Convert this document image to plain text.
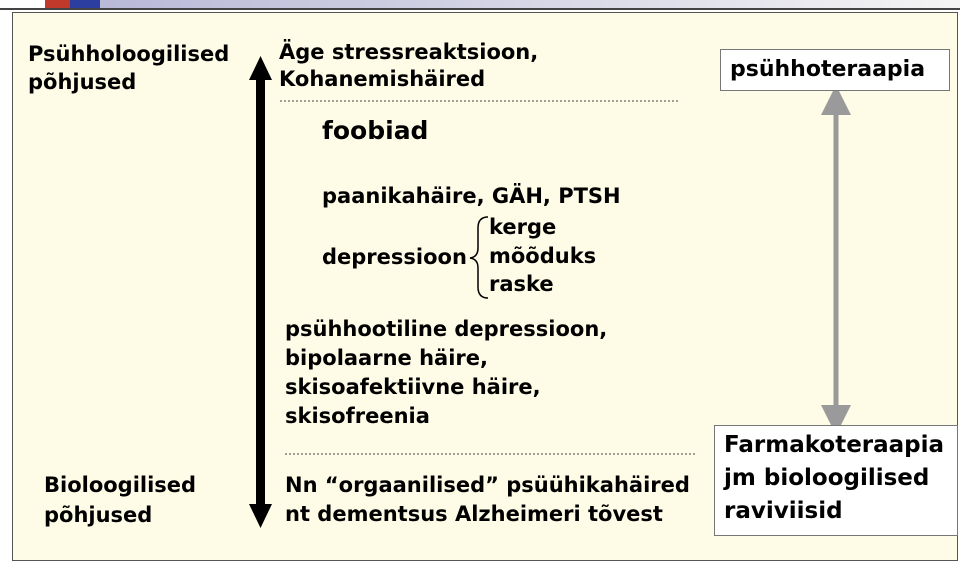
Psühholoogilised
põhjused
Bioloogilised
põhjused
Äge stressreaktsioon,
Kohanemishäired
foobiad
paanikahäire, GÄH, PTSH
depressioon
kerge
mõõduks
raske
psühhootiline depressioon,
bipolaarne häire,
skisoafektiivne häire,
skisofreenia
Nn “orgaanilised” psüühikahäired
nt dementsus Alzheimeri tõvest
psühhoteraapia
Farmakoteraapia
jm bioloogilised
raviviisid
